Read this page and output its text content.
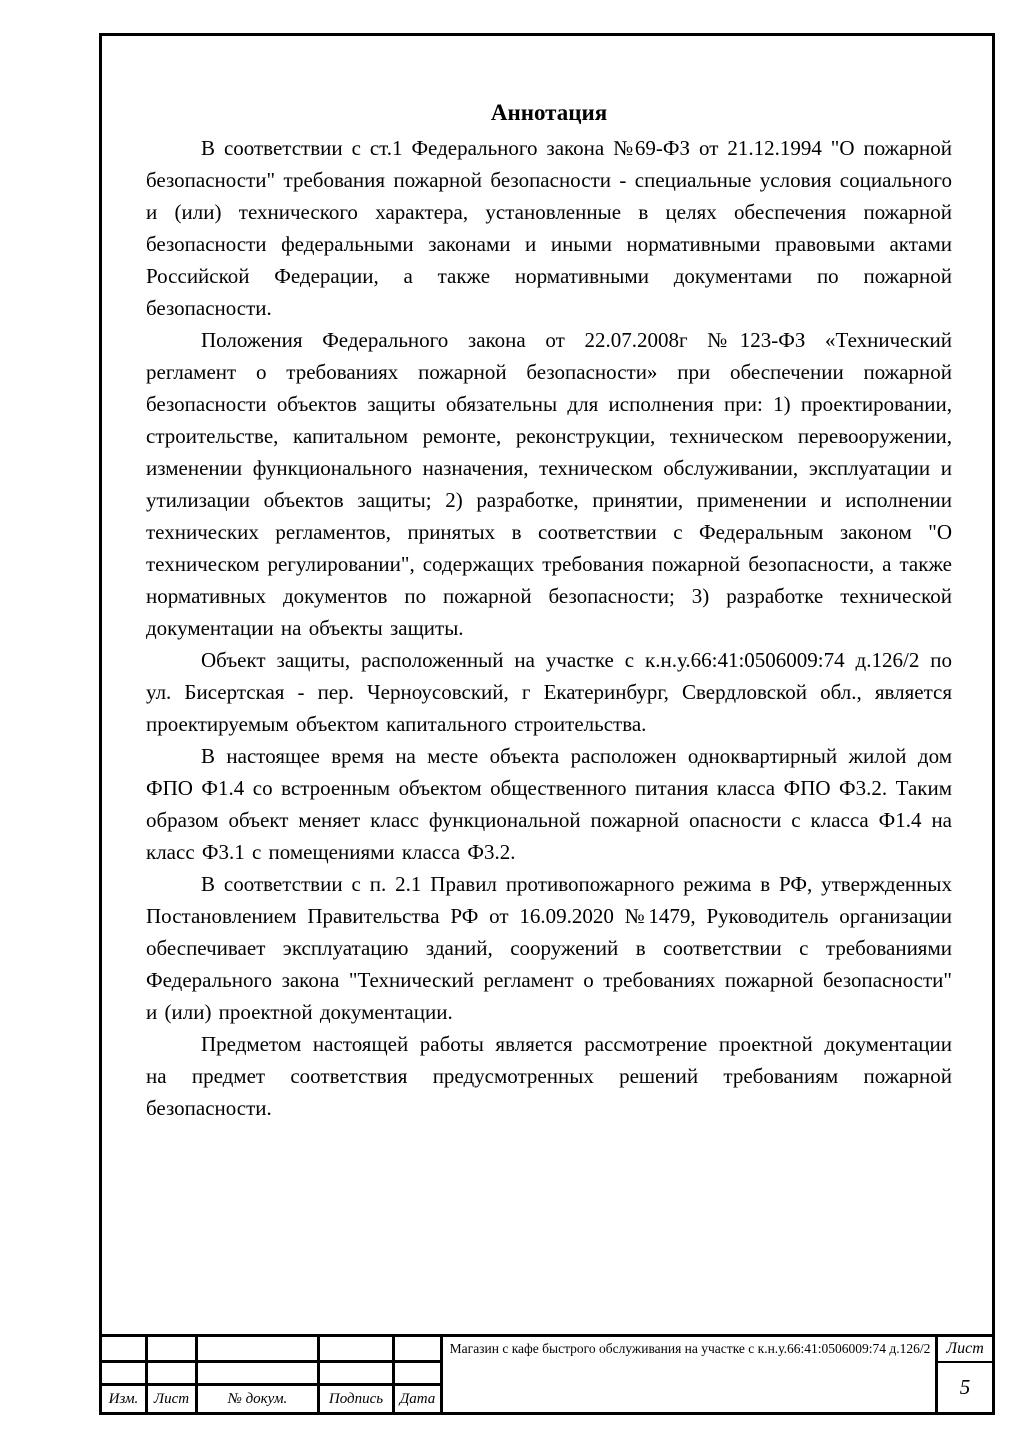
Аннотация

В соответствии с ст.1 Федерального закона №69-ФЗ от 21.12.1994 "О пожарной безопасности" требования пожарной безопасности - специальные условия социального и (или) технического характера, установленные в целях обеспечения пожарной безопасности федеральными законами и иными нормативными правовыми актами Российской Федерации, а также нормативными документами по пожарной безопасности.

Положения Федерального закона от 22.07.2008г №123-ФЗ «Технический регламент о требованиях пожарной безопасности» при обеспечении пожарной безопасности объектов защиты обязательны для исполнения при: 1) проектировании, строительстве, капитальном ремонте, реконструкции, техническом перевооружении, изменении функционального назначения, техническом обслуживании, эксплуатации и утилизации объектов защиты; 2) разработке, принятии, применении и исполнении технических регламентов, принятых в соответствии с Федеральным законом "О техническом регулировании", содержащих требования пожарной безопасности, а также нормативных документов по пожарной безопасности; 3) разработке технической документации на объекты защиты.

Объект защиты, расположенный на участке с к.н.у.66:41:0506009:74 д.126/2 по ул. Бисертская - пер. Черноусовский, г Екатеринбург, Свердловской обл., является проектируемым объектом капитального строительства.

В настоящее время на месте объекта расположен одноквартирный жилой дом ФПО Ф1.4 со встроенным объектом общественного питания класса ФПО Ф3.2. Таким образом объект меняет класс функциональной пожарной опасности с класса Ф1.4 на класс Ф3.1 с помещениями класса Ф3.2.

В соответствии с п. 2.1 Правил противопожарного режима в РФ, утвержденных Постановлением Правительства РФ от 16.09.2020 №1479, Руководитель организации обеспечивает эксплуатацию зданий, сооружений в соответствии с требованиями Федерального закона "Технический регламент о требованиях пожарной безопасности" и (или) проектной документации.

Предметом настоящей работы является рассмотрение проектной документации на предмет соответствия предусмотренных решений требованиям пожарной безопасности.

Изм.	Лист	№ докум.	Подпись	Дата
Магазин с кафе быстрого обслуживания на участке с к.н.у.66:41:0506009:74 д.126/2 Лист
5
